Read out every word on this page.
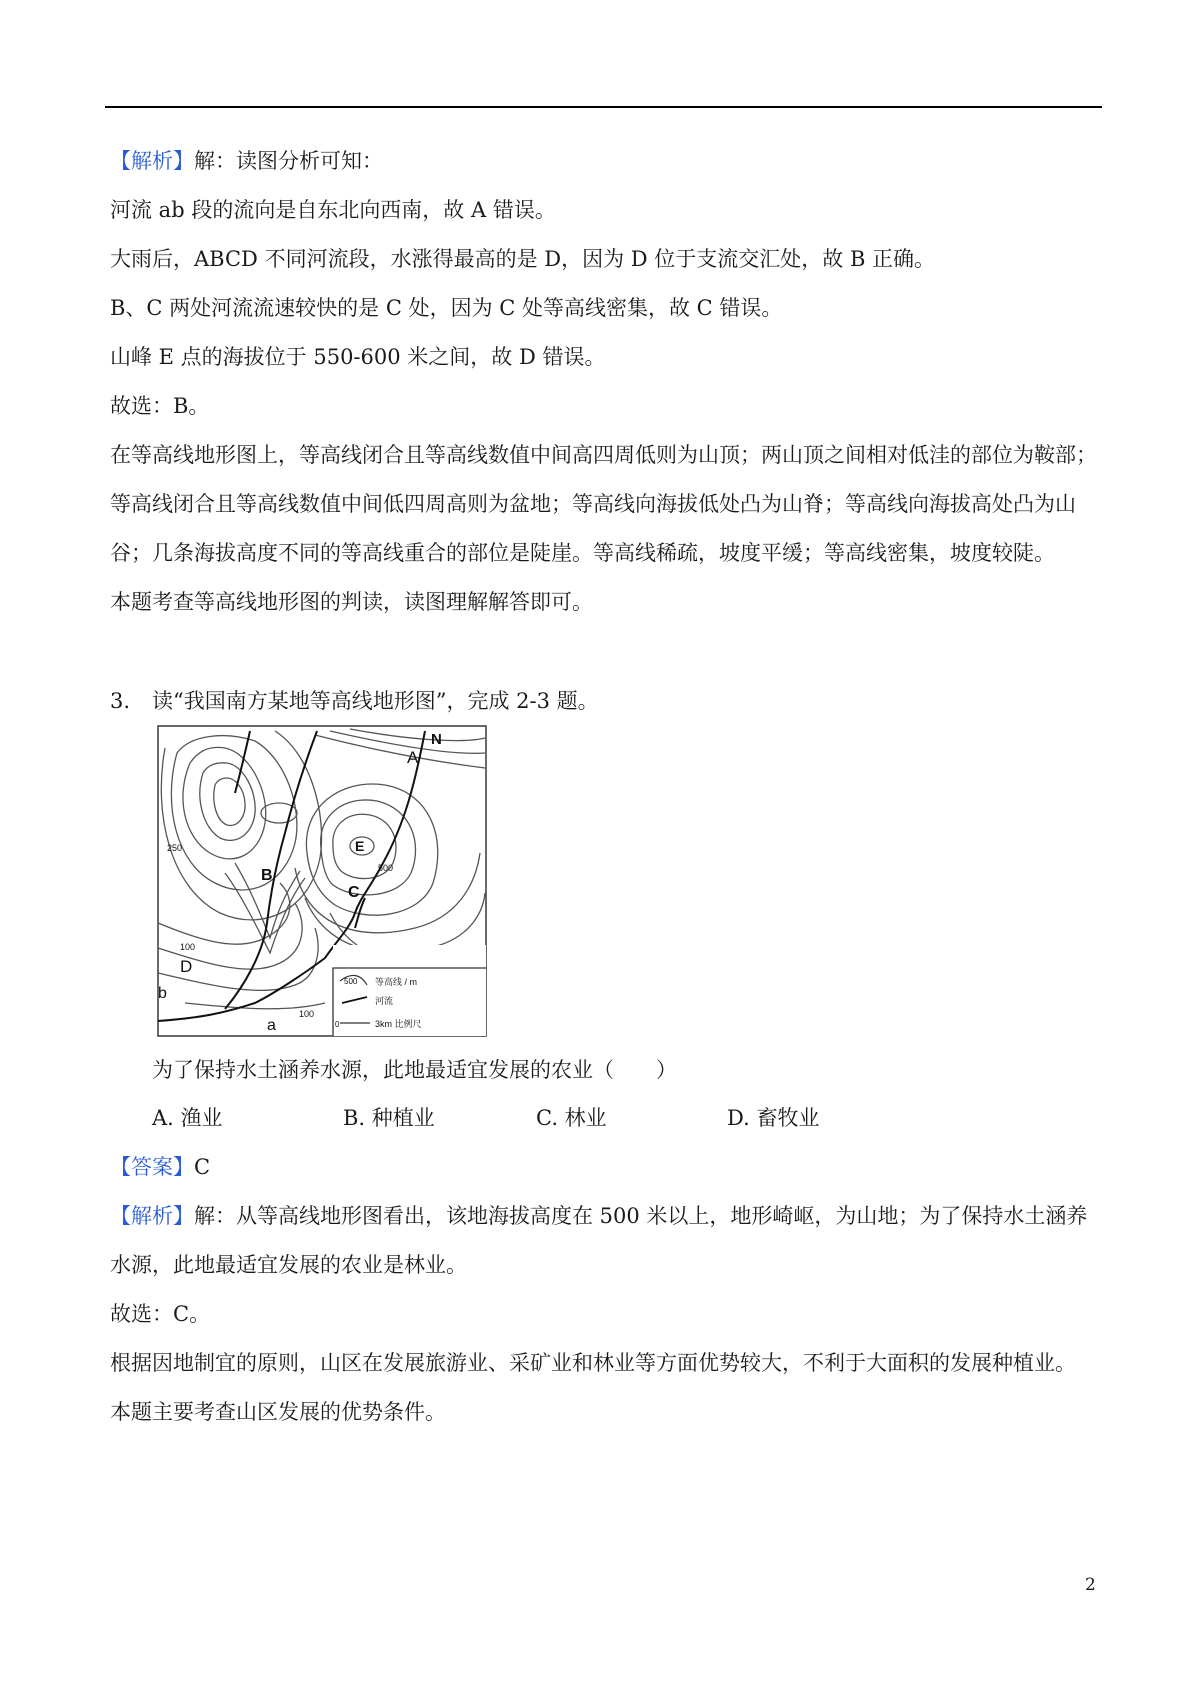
【解析】解：读图分析可知：
河流 ab 段的流向是自东北向西南，故 A 错误。
大雨后，ABCD 不同河流段，水涨得最高的是 D，因为 D 位于支流交汇处，故 B 正确。
B、C 两处河流流速较快的是 C 处，因为 C 处等高线密集，故 C 错误。
山峰 E 点的海拔位于 550-600 米之间，故 D 错误。
故选：B。
在等高线地形图上，等高线闭合且等高线数值中间高四周低则为山顶；两山顶之间相对低洼的部位为鞍部；
等高线闭合且等高线数值中间低四周高则为盆地；等高线向海拔低处凸为山脊；等高线向海拔高处凸为山
谷；几条海拔高度不同的等高线重合的部位是陡崖。等高线稀疏，坡度平缓；等高线密集，坡度较陡。
本题考查等高线地形图的判读，读图理解解答即可。
3. 读“我国南方某地等高线地形图”，完成 2-3 题。
A
N
E
B
C
D
b
a
250
500
100
100
500 等高线 / m
河流
0	3km 比例尺
为了保持水土涵养水源，此地最适宜发展的农业（　　）
A. 渔业	B. 种植业	C. 林业	D. 畜牧业
【答案】C
【解析】解：从等高线地形图看出，该地海拔高度在 500 米以上，地形崎岖，为山地；为了保持水土涵养
水源，此地最适宜发展的农业是林业。
故选：C。
根据因地制宜的原则，山区在发展旅游业、采矿业和林业等方面优势较大，不利于大面积的发展种植业。
本题主要考查山区发展的优势条件。
2
